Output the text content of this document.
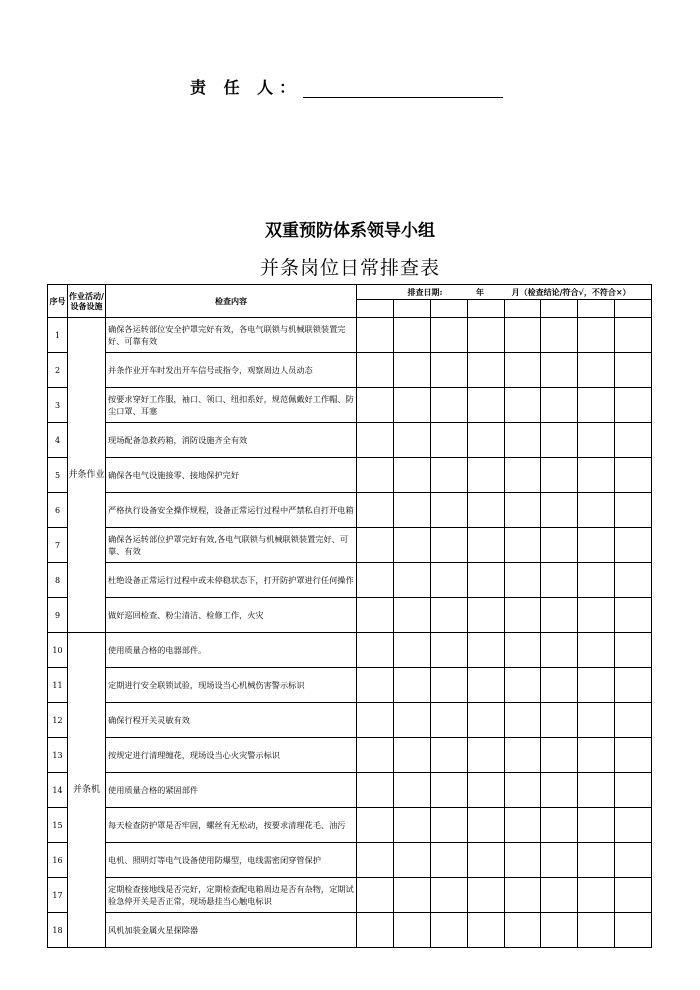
责 任 人：
双重预防体系领导小组
并条岗位日常排查表
序号	作业活动/设备设施	检查内容	排查日期: 年 月（检查结论/符合√，不符合×）							

1	并条作业	确保各运转部位安全护罩完好有效，各电气联锁与机械联锁装置完好、可靠有效								
2		并条作业开车时发出开车信号或指令，观察周边人员动态								
3		按要求穿好工作服，袖口、领口、纽扣系好，规范佩戴好工作帽、防尘口罩、耳塞								
4		现场配备急救药箱，消防设施齐全有效								
5		确保各电气设施接零、接地保护完好								
6		严格执行设备安全操作规程，设备正常运行过程中严禁私自打开电箱								
7		确保各运转部位护罩完好有效,各电气联锁与机械联锁装置完好、可靠、有效								
8		杜绝设备正常运行过程中或未停稳状态下，打开防护罩进行任何操作								
9		做好巡回检查、粉尘清洁、检修工作，火灾								
10	并条机	使用质量合格的电器部件。								
11		定期进行安全联锁试验，现场设当心机械伤害警示标识								
12		确保行程开关灵敏有效								
13		按规定进行清理缠花，现场设当心火灾警示标识								
14		使用质量合格的紧固部件								
15		每天检查防护罩是否牢固，螺丝有无松动，按要求清理花毛、油污								
16		电机、照明灯等电气设备使用防爆型，电线需密闭穿管保护								
17		定期检查接地线是否完好，定期检查配电箱周边是否有杂物，定期试验急停开关是否正常，现场悬挂当心触电标识								
18		风机加装金属火星探除器								
